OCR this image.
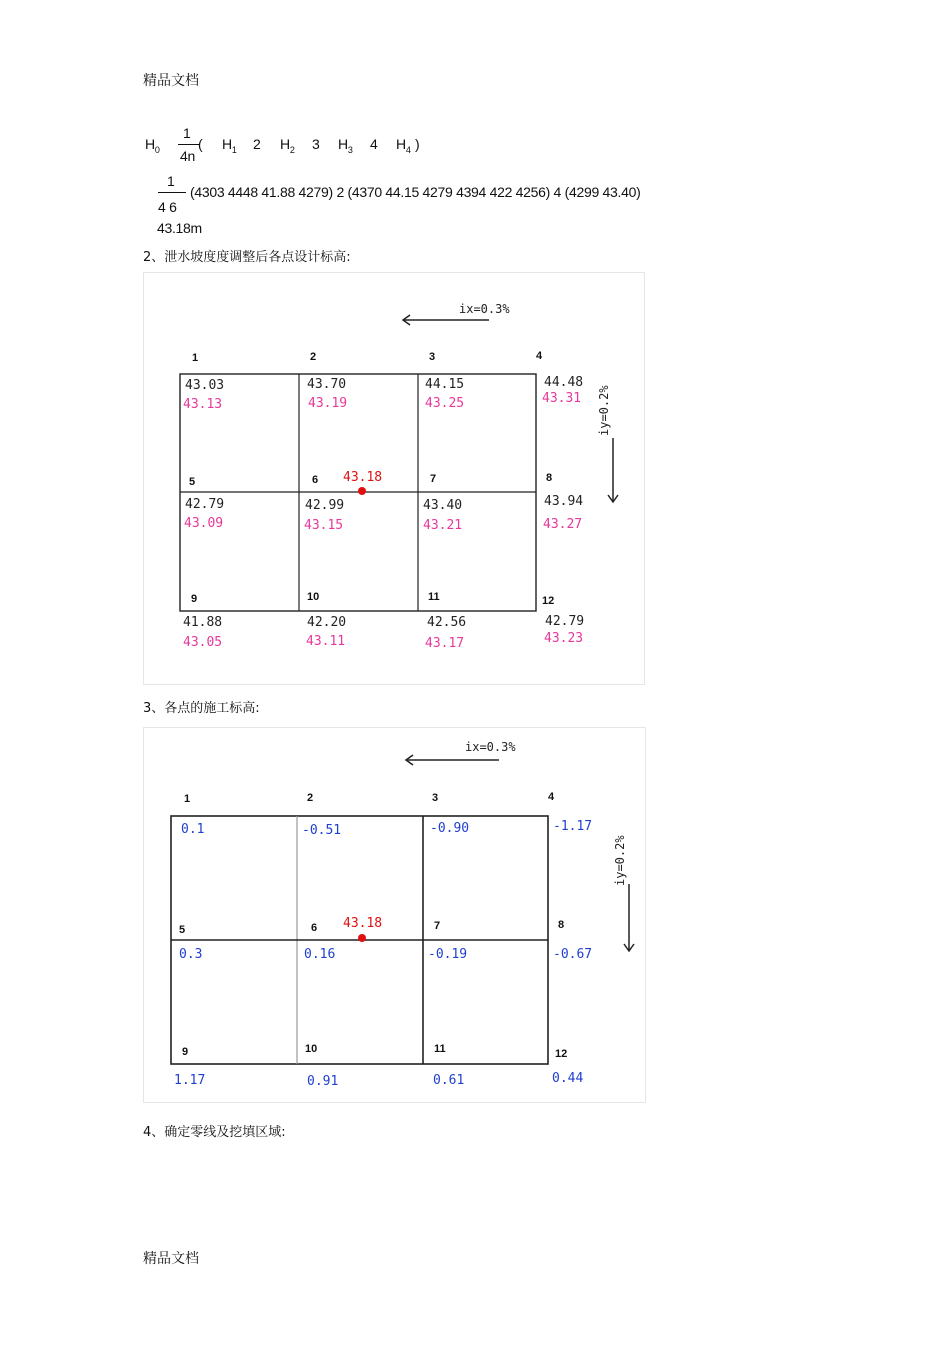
精品文档
$H_0$
1
4n
( $H_1$ 2 $H_2$ 3 $H_3$ 4 $H_4$ )
1
4 6
(4303 4448 41.88 4279) 2 (4370 44.15 4279 4394 422 4256) 4 (4299 43.40)
43.18m
2、泄水坡度度调整后各点设计标高:
ix=0.3%
iy=0.2%
43.18
1	2	3	4
5	6	7	8
9	10	11	12
43.03	43.70	44.15	44.48
42.79	42.99	43.40	43.94
41.88	42.20	42.56	42.79
43.13	43.19	43.25	43.31
43.09	43.15	43.21	43.27
43.05	43.11	43.17	43.23
3、各点的施工标高:
ix=0.3%
iy=0.2%
43.18
1	2	3	4
5	6	7	8
9	10	11	12
0.1	-0.51	-0.90	-1.17
0.3	0.16	-0.19	-0.67
1.17	0.91	0.61	0.44
4、确定零线及挖填区域:
精品文档
